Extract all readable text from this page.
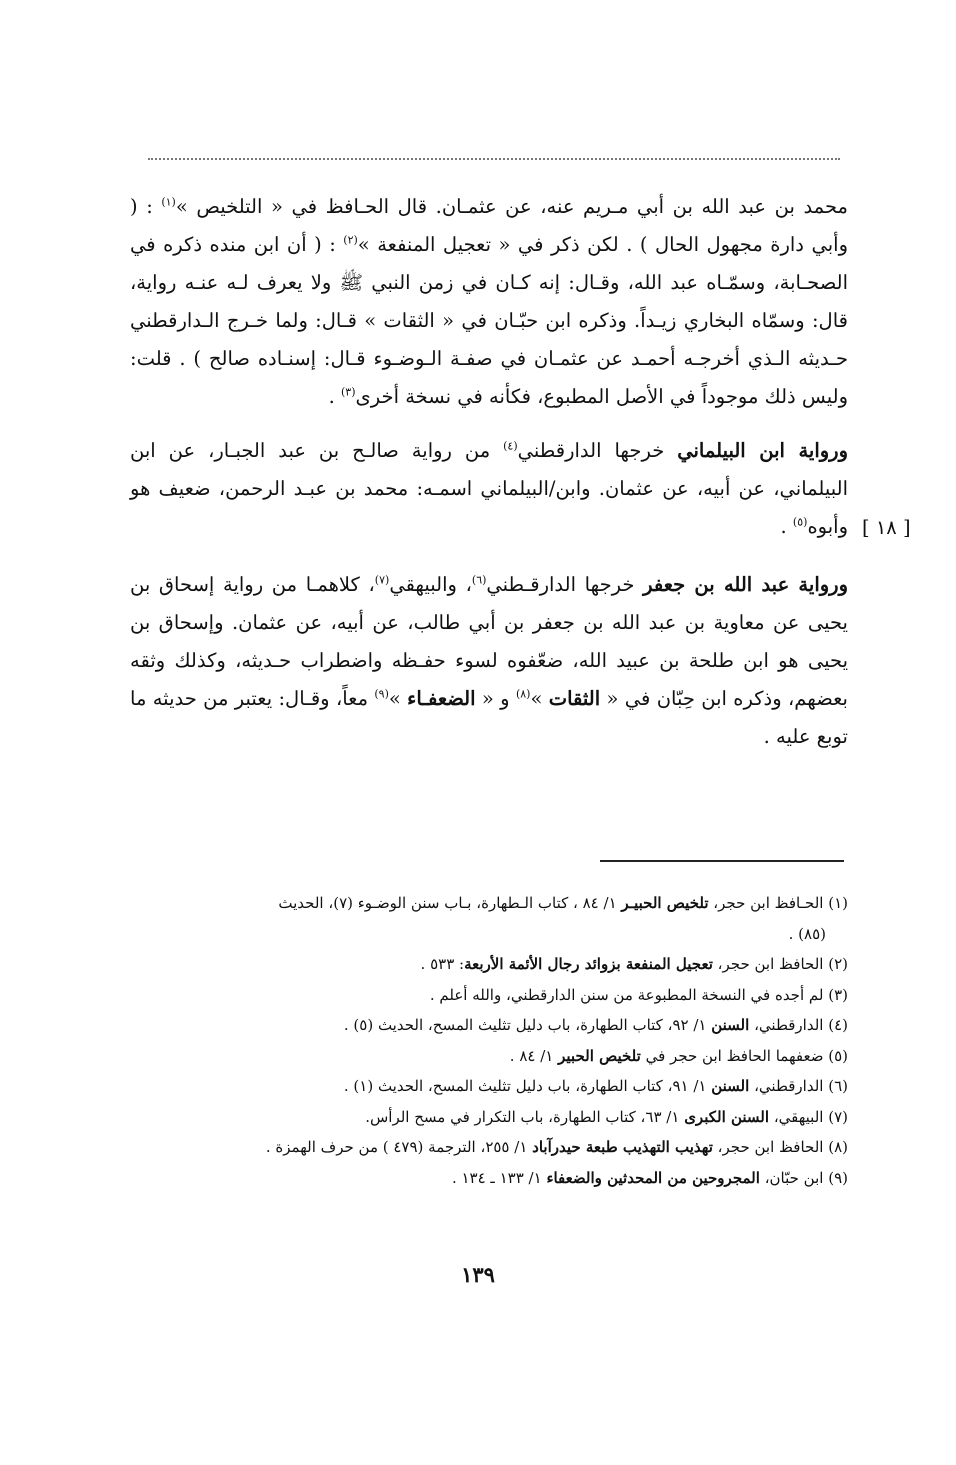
محمد بن عبد الله بن أبي مـريم عنه، عن عثمـان. قال الحـافظ في « التلخيص »$^{(١)}$ : ( وأبي دارة مجهول الحال ) . لكن ذكر في « تعجيل المنفعة »$^{(٢)}$ : ( أن ابن منده ذكره في الصحـابة، وسمّـاه عبد الله، وقـال: إنه كـان في زمن النبي ﷺ ولا يعرف لـه عنـه رواية، قال: وسمّاه البخاري زيـداً. وذكره ابن حبّـان في « الثقات » قـال: ولما خـرج الـدارقطني حـديثه الـذي أخرجـه أحمـد عن عثمـان في صفـة الـوضـوء قـال: إسنـاده صالح ) . قلت: وليس ذلك موجوداً في الأصل المطبوع، فكأنه في نسخة أخرى$^{(٣)}$ .

ورواية ابن البيلماني خرجها الدارقطني$^{(٤)}$ من رواية صالـح بن عبد الجبـار، عن ابن البيلماني، عن أبيه، عن عثمان. وابن/البيلماني اسمـه: محمد بن عبـد الرحمن، ضعيف هو وأبوه$^{(٥)}$ .

ورواية عبد الله بن جعفر خرجها الدارقـطني$^{(٦)}$، والبيهقي$^{(٧)}$، كلاهمـا من رواية إسحاق بن يحيى عن معاوية بن عبد الله بن جعفر بن أبي طالب، عن أبيه، عن عثمان. وإسحاق بن يحيى هو ابن طلحة بن عبيد الله، ضعّفوه لسوء حفـظه واضطراب حـديثه، وكذلك وثقه بعضهم، وذكره ابن حِبّان في « الثقات »$^{(٨)}$ و « الضعفـاء »$^{(٩)}$ معاً، وقـال: يعتبر من حديثه ما توبع عليه .

[ ١٨ ]

(١) الحـافظ ابن حجر، تلخيص الحبيـر ١/ ٨٤ ، كتاب الـطهارة، بـاب سنن الوضـوء (٧)، الحديث

(٨٥) .

(٢) الحافظ ابن حجر، تعجيل المنفعة بزوائد رجال الأئمة الأربعة: ٥٣٣ .

(٣) لم أجده في النسخة المطبوعة من سنن الدارقطني، والله أعلم .

(٤) الدارقطني، السنن ١/ ٩٢، كتاب الطهارة، باب دليل تثليث المسح، الحديث (٥) .

(٥) ضعفهما الحافظ ابن حجر في تلخيص الحبير ١/ ٨٤ .

(٦) الدارقطني، السنن ١/ ٩١، كتاب الطهارة، باب دليل تثليث المسح، الحديث (١) .

(٧) البيهقي، السنن الكبرى ١/ ٦٣، كتاب الطهارة، باب التكرار في مسح الرأس.

(٨) الحافظ ابن حجر، تهذيب التهذيب طبعة حيدرآباد ١/ ٢٥٥، الترجمة (٤٧٩ ) من حرف الهمزة .

(٩) ابن حبّان، المجروحين من المحدثين والضعفاء ١/ ١٣٣ ـ ١٣٤ .

١٣٩
